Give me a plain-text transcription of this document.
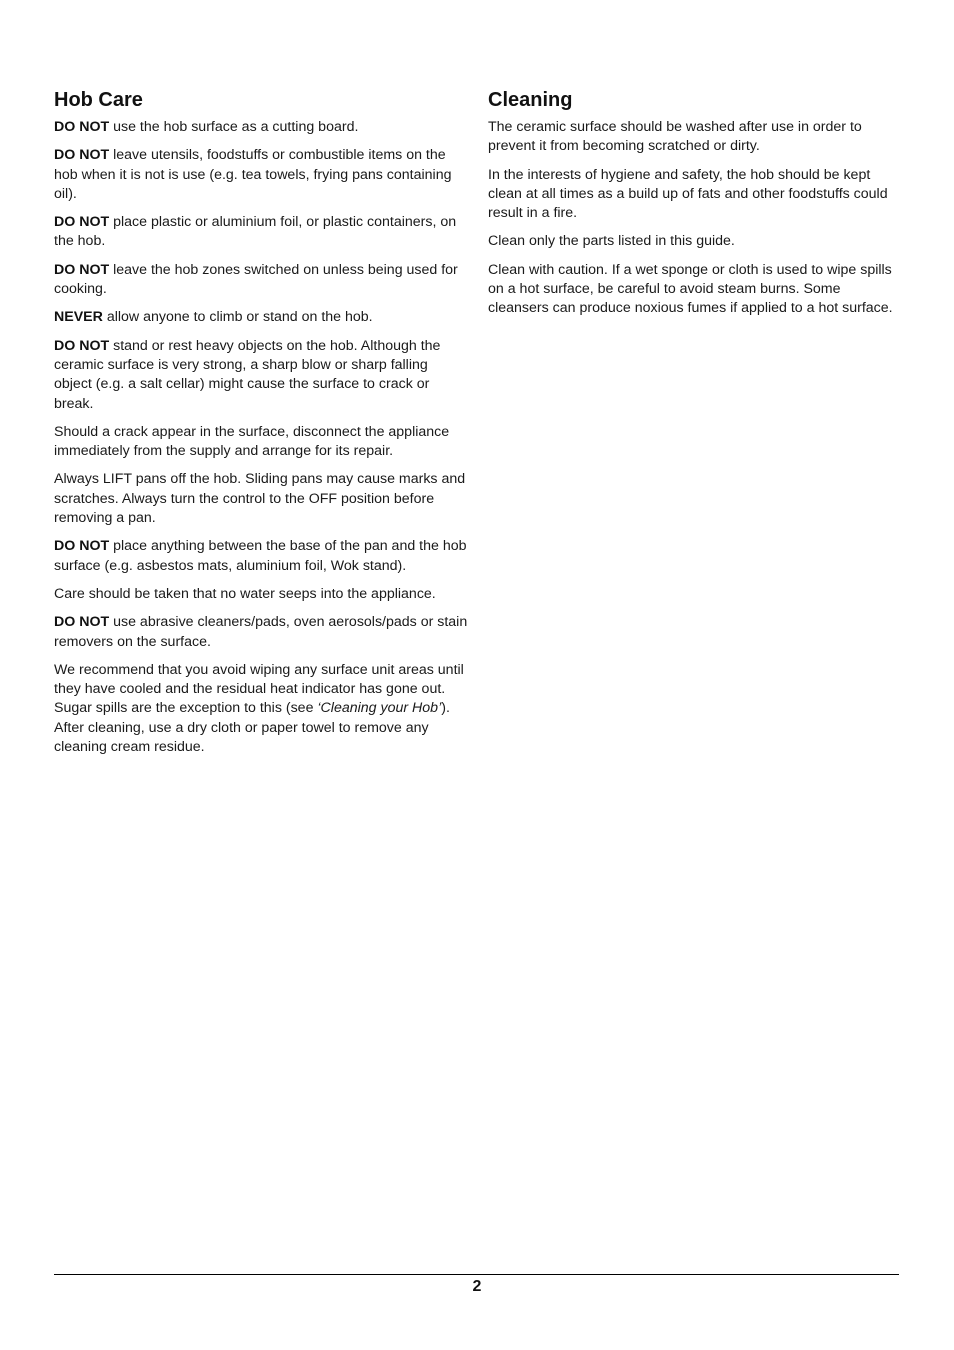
Hob Care

DO NOT use the hob surface as a cutting board.

DO NOT leave utensils, foodstuffs or combustible items on the hob when it is not is use (e.g. tea towels, frying pans containing oil).

DO NOT place plastic or aluminium foil, or plastic containers, on the hob.

DO NOT leave the hob zones switched on unless being used for cooking.

NEVER allow anyone to climb or stand on the hob.

DO NOT stand or rest heavy objects on the hob. Although the ceramic surface is very strong, a sharp blow or sharp falling object (e.g. a salt cellar) might cause the surface to crack or break.

Should a crack appear in the surface, disconnect the appliance immediately from the supply and arrange for its repair.

Always LIFT pans off the hob. Sliding pans may cause marks and scratches. Always turn the control to the OFF position before removing a pan.

DO NOT place anything between the base of the pan and the hob surface (e.g. asbestos mats, aluminium foil, Wok stand).

Care should be taken that no water seeps into the appliance.

DO NOT use abrasive cleaners/pads, oven aerosols/pads or stain removers on the surface.

We recommend that you avoid wiping any surface unit areas until they have cooled and the residual heat indicator has gone out. Sugar spills are the exception to this (see ‘Cleaning your Hob’). After cleaning, use a dry cloth or paper towel to remove any cleaning cream residue.

Cleaning

The ceramic surface should be washed after use in order to prevent it from becoming scratched or dirty.

In the interests of hygiene and safety, the hob should be kept clean at all times as a build up of fats and other foodstuffs could result in a fire.

Clean only the parts listed in this guide.

Clean with caution. If a wet sponge or cloth is used to wipe spills on a hot surface, be careful to avoid steam burns. Some cleansers can produce noxious fumes if applied to a hot surface.

2
